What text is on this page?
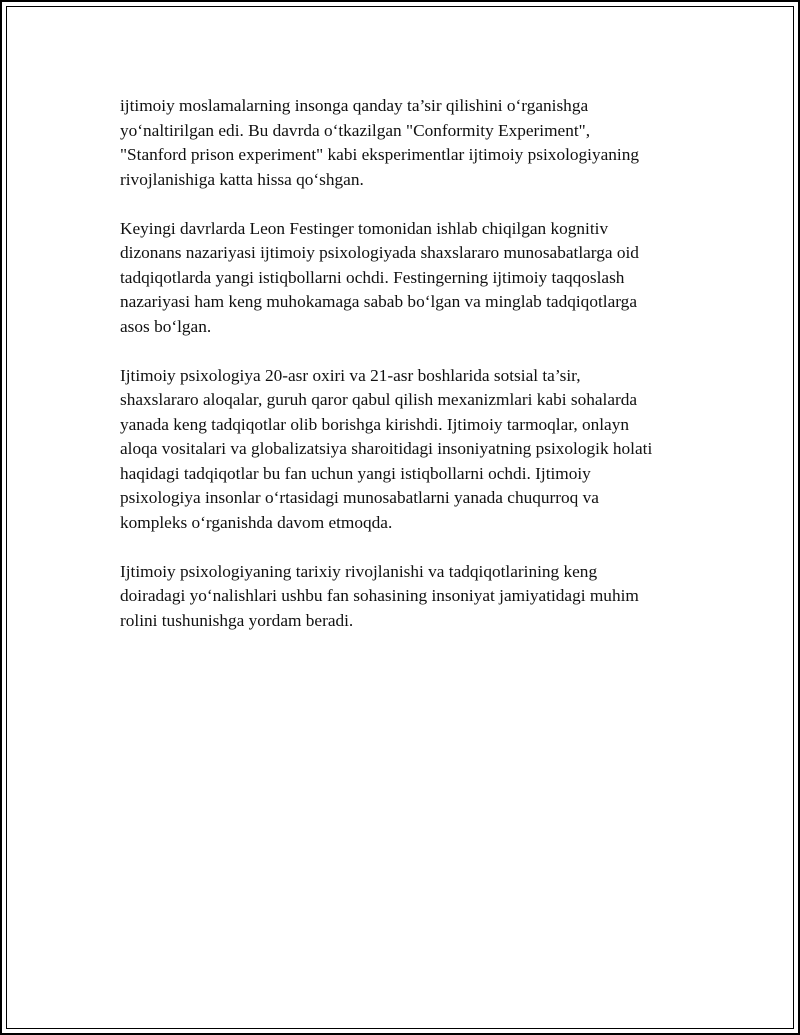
ijtimoiy moslamalarning insonga qanday ta’sir qilishini o‘rganishga
yo‘naltirilgan edi. Bu davrda o‘tkazilgan "Conformity Experiment",
"Stanford prison experiment" kabi eksperimentlar ijtimoiy psixologiyaning
rivojlanishiga katta hissa qo‘shgan.

Keyingi davrlarda Leon Festinger tomonidan ishlab chiqilgan kognitiv
dizonans nazariyasi ijtimoiy psixologiyada shaxslararo munosabatlarga oid
tadqiqotlarda yangi istiqbollarni ochdi. Festingerning ijtimoiy taqqoslash
nazariyasi ham keng muhokamaga sabab bo‘lgan va minglab tadqiqotlarga
asos bo‘lgan.

Ijtimoiy psixologiya 20-asr oxiri va 21-asr boshlarida sotsial ta’sir,
shaxslararo aloqalar, guruh qaror qabul qilish mexanizmlari kabi sohalarda
yanada keng tadqiqotlar olib borishga kirishdi. Ijtimoiy tarmoqlar, onlayn
aloqa vositalari va globalizatsiya sharoitidagi insoniyatning psixologik holati
haqidagi tadqiqotlar bu fan uchun yangi istiqbollarni ochdi. Ijtimoiy
psixologiya insonlar o‘rtasidagi munosabatlarni yanada chuqurroq va
kompleks o‘rganishda davom etmoqda.

Ijtimoiy psixologiyaning tarixiy rivojlanishi va tadqiqotlarining keng
doiradagi yo‘nalishlari ushbu fan sohasining insoniyat jamiyatidagi muhim
rolini tushunishga yordam beradi.
